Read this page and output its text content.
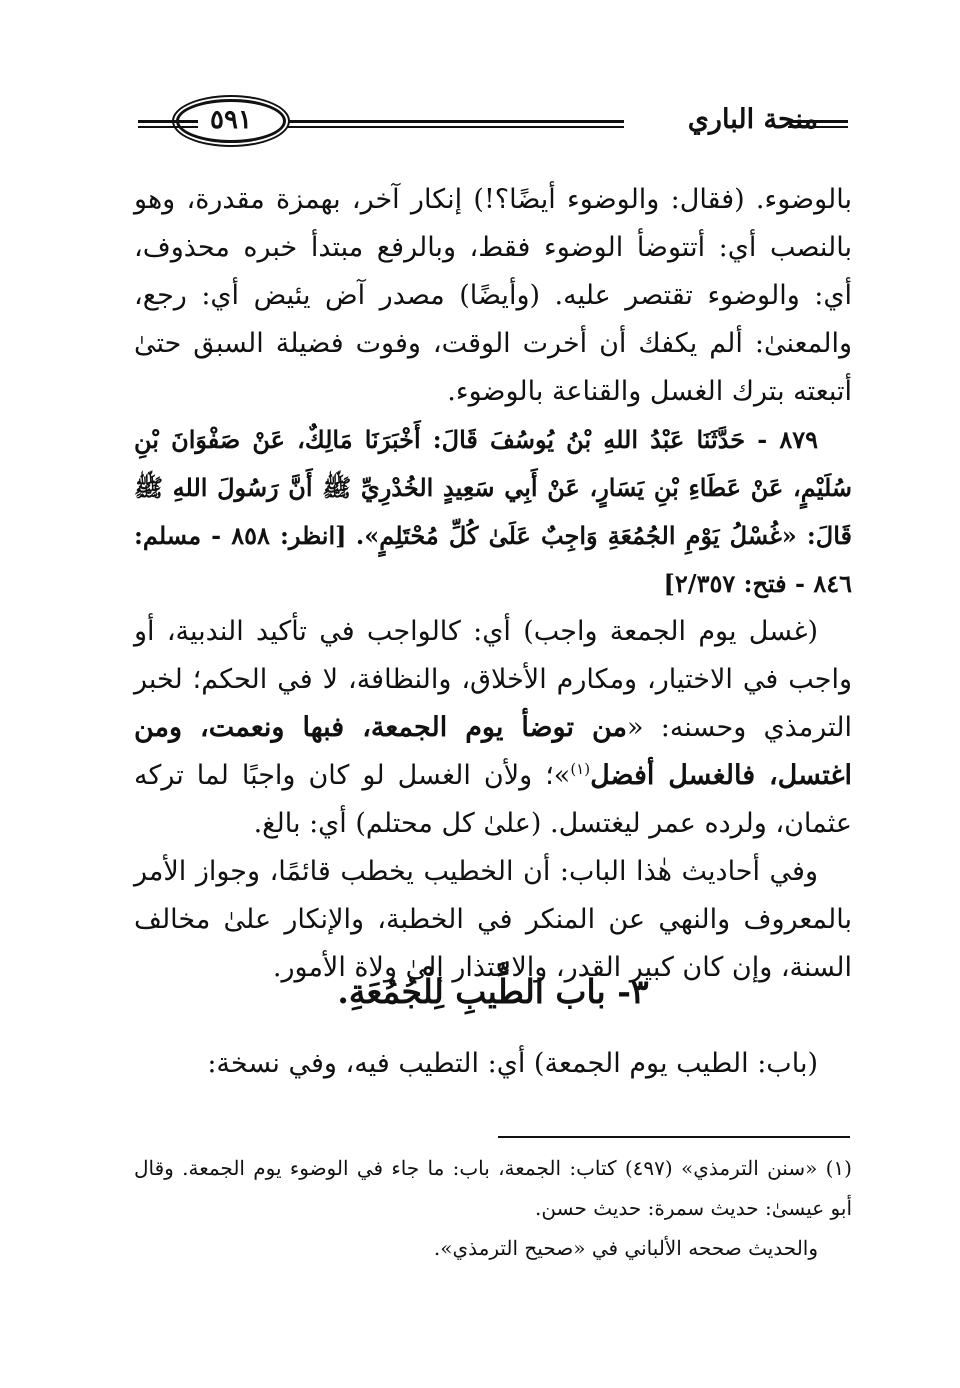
منحة الباري
٥٩١

بالوضوء. (فقال: والوضوء أيضًا؟!) إنكار آخر، بهمزة مقدرة، وهو بالنصب أي: أتتوضأ الوضوء فقط، وبالرفع مبتدأ خبره محذوف، أي: والوضوء تقتصر عليه. (وأيضًا) مصدر آض يئيض أي: رجع، والمعنىٰ: ألم يكفك أن أخرت الوقت، وفوت فضيلة السبق حتىٰ أتبعته بترك الغسل والقناعة بالوضوء.

٨٧٩ - حَدَّثَنَا عَبْدُ اللهِ بْنُ يُوسُفَ قَالَ: أَخْبَرَنَا مَالِكٌ، عَنْ صَفْوَانَ بْنِ سُلَيْمٍ، عَنْ عَطَاءِ بْنِ يَسَارٍ، عَنْ أَبِي سَعِيدٍ الخُدْرِيِّ ﷺ أَنَّ رَسُولَ اللهِ ﷺ قَالَ: «غُسْلُ يَوْمِ الجُمُعَةِ وَاجِبٌ عَلَىٰ كُلِّ مُحْتَلِمٍ». [انظر: ٨٥٨ - مسلم: ٨٤٦ - فتح: ٢/٣٥٧]

(غسل يوم الجمعة واجب) أي: كالواجب في تأكيد الندبية، أو واجب في الاختيار، ومكارم الأخلاق، والنظافة، لا في الحكم؛ لخبر الترمذي وحسنه: «من توضأ يوم الجمعة، فبها ونعمت، ومن اغتسل، فالغسل أفضل$^{(١)}$»؛ ولأن الغسل لو كان واجبًا لما تركه عثمان، ولرده عمر ليغتسل. (علىٰ كل محتلم) أي: بالغ.

وفي أحاديث هٰذا الباب: أن الخطيب يخطب قائمًا، وجواز الأمر بالمعروف والنهي عن المنكر في الخطبة، والإنكار علىٰ مخالف السنة، وإن كان كبير القدر، والاعتذار إلىٰ ولاة الأمور.

٣- باب الطِّيبِ لِلْجُمُعَةِ.

(باب: الطيب يوم الجمعة) أي: التطيب فيه، وفي نسخة:

(١) «سنن الترمذي» (٤٩٧) كتاب: الجمعة، باب: ما جاء في الوضوء يوم الجمعة. وقال أبو عيسىٰ: حديث سمرة: حديث حسن.

والحديث صححه الألباني في «صحيح الترمذي».
